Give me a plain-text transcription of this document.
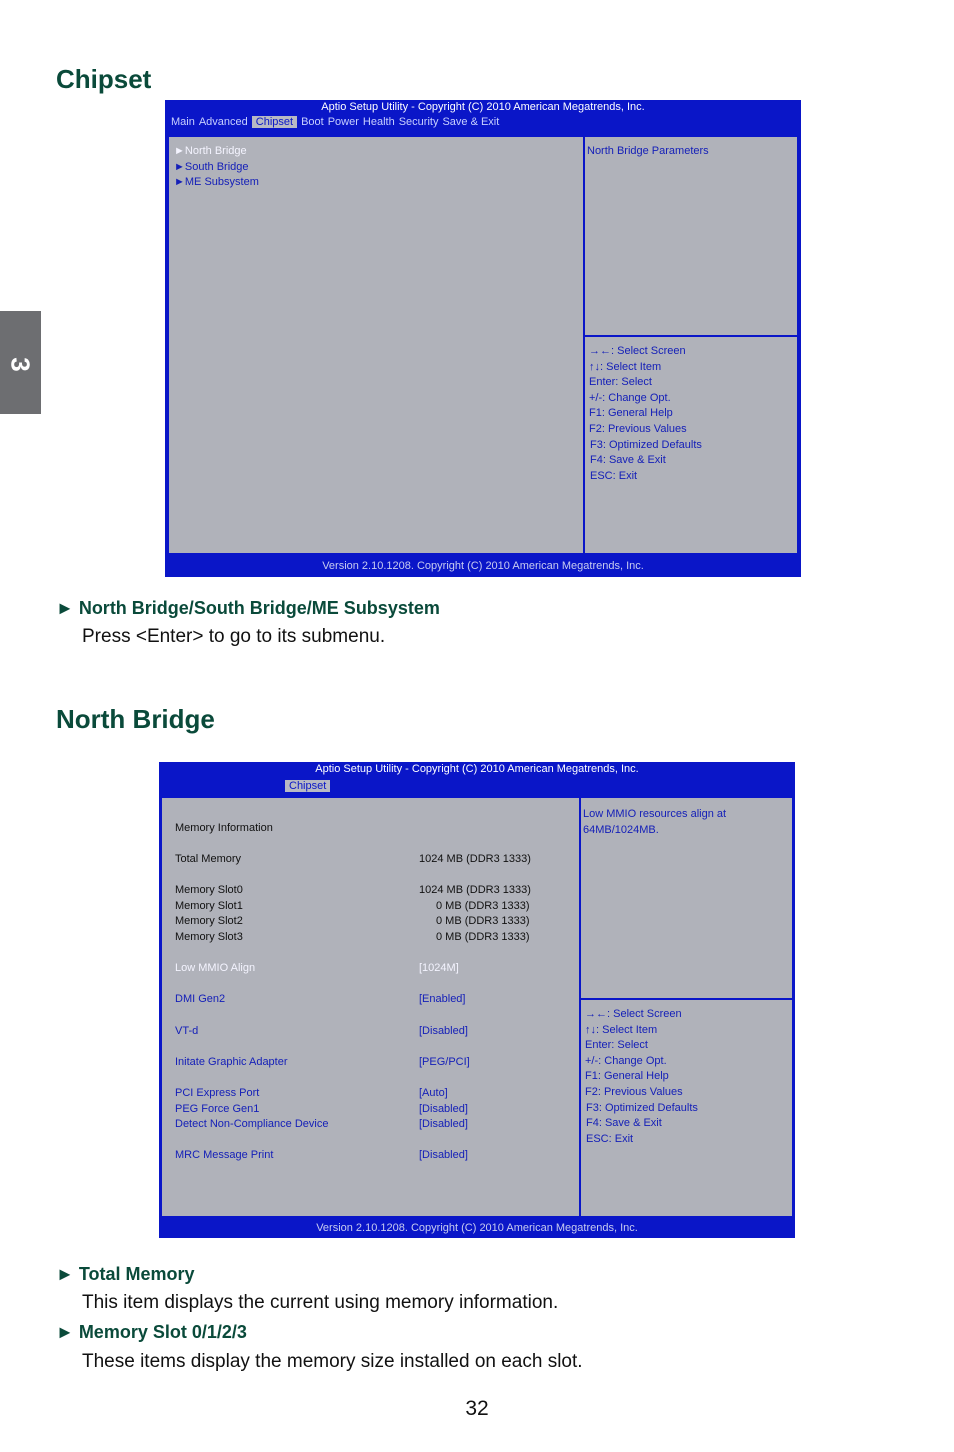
3
Chipset
Aptio Setup Utility - Copyright (C) 2010 American Megatrends, Inc.
Main Advanced Chipset Boot Power Health Security Save & Exit
►North Bridge
►South Bridge
►ME Subsystem
North Bridge Parameters
→←: Select Screen
↑↓: Select Item
Enter: Select
+/-: Change Opt.
F1: General Help
F2: Previous Values
F3: Optimized Defaults
F4: Save & Exit
ESC: Exit
Version 2.10.1208. Copyright (C) 2010 American Megatrends, Inc.
► North Bridge/South Bridge/ME Subsystem
Press <Enter> to go to its submenu.
North Bridge
Aptio Setup Utility - Copyright (C) 2010 American Megatrends, Inc.
Chipset
Memory Information
Total Memory	1024 MB (DDR3 1333)
Memory Slot0	1024 MB (DDR3 1333)
Memory Slot1	0 MB (DDR3 1333)
Memory Slot2	0 MB (DDR3 1333)
Memory Slot3	0 MB (DDR3 1333)
Low MMIO Align	[1024M]
DMI Gen2	[Enabled]
VT-d	[Disabled]
Initate Graphic Adapter	[PEG/PCI]
PCI Express Port	[Auto]
PEG Force Gen1	[Disabled]
Detect Non-Compliance Device	[Disabled]
MRC Message Print	[Disabled]
Low MMIO resources align at
64MB/1024MB.
→←: Select Screen
↑↓: Select Item
Enter: Select
+/-: Change Opt.
F1: General Help
F2: Previous Values
F3: Optimized Defaults
F4: Save & Exit
ESC: Exit
Version 2.10.1208. Copyright (C) 2010 American Megatrends, Inc.
► Total Memory
This item displays the current using memory information.
► Memory Slot 0/1/2/3
These items display the memory size installed on each slot.
32
